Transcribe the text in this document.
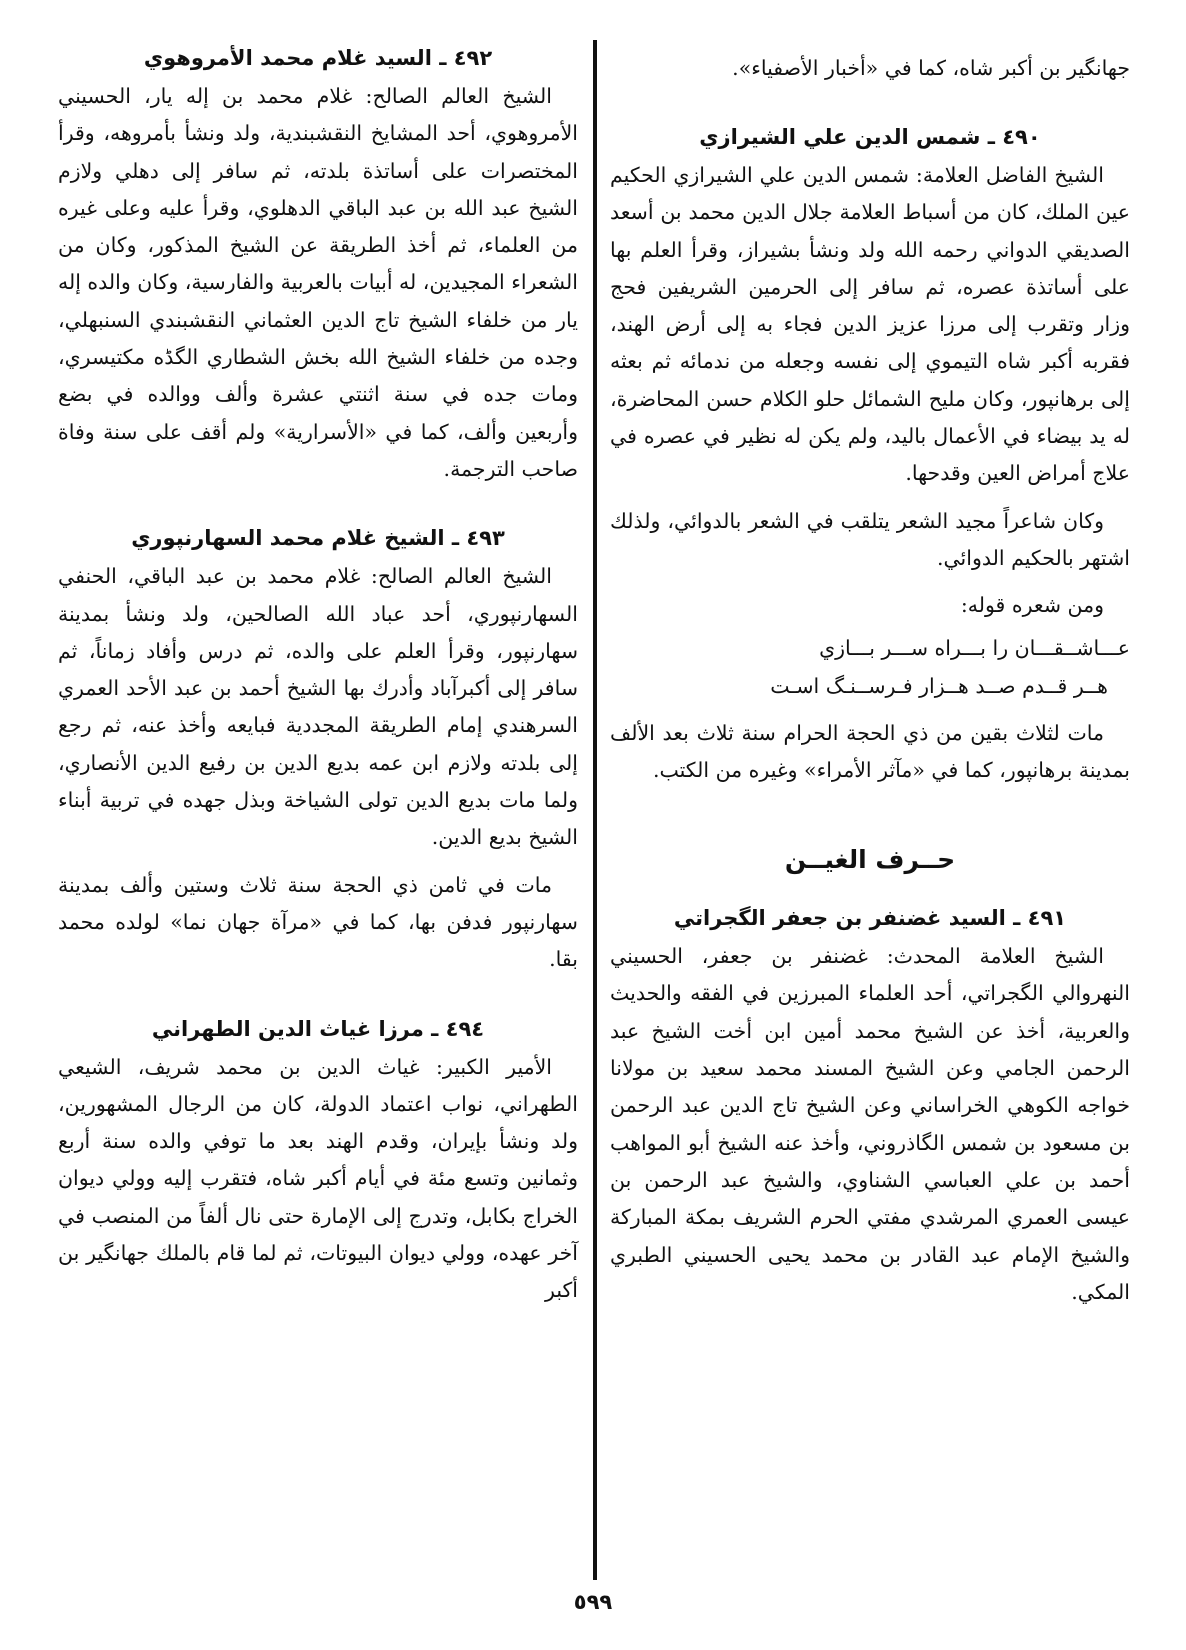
جهانگير بن أكبر شاه، كما في «أخبار الأصفياء».

٤٩٠ ـ شمس الدين علي الشيرازي

الشيخ الفاضل العلامة: شمس الدين علي الشيرازي الحكيم عين الملك، كان من أسباط العلامة جلال الدين محمد بن أسعد الصديقي الدواني رحمه الله ولد ونشأ بشيراز، وقرأ العلم بها على أساتذة عصره، ثم سافر إلى الحرمين الشريفين فحج وزار وتقرب إلى مرزا عزيز الدين فجاء به إلى أرض الهند، فقربه أكبر شاه التيموي إلى نفسه وجعله من ندمائه ثم بعثه إلى برهانپور، وكان مليح الشمائل حلو الكلام حسن المحاضرة، له يد بيضاء في الأعمال باليد، ولم يكن له نظير في عصره في علاج أمراض العين وقدحها.

وكان شاعراً مجيد الشعر يتلقب في الشعر بالدوائي، ولذلك اشتهر بالحكيم الدوائي.

ومن شعره قوله:

عـــاشــقـــان را بـــراه ســـر بـــازي
هــر قــدم صــد هــزار فـرســنـگ اسـت

مات لثلاث بقين من ذي الحجة الحرام سنة ثلاث بعد الألف بمدينة برهانپور، كما في «مآثر الأمراء» وغيره من الكتب.

حــرف الغيــن
٤٩١ ـ السيد غضنفر بن جعفر الگجراتي

الشيخ العلامة المحدث: غضنفر بن جعفر، الحسيني النهروالي الگجراتي، أحد العلماء المبرزين في الفقه والحديث والعربية، أخذ عن الشيخ محمد أمين ابن أخت الشيخ عبد الرحمن الجامي وعن الشيخ المسند محمد سعيد بن مولانا خواجه الكوهي الخراساني وعن الشيخ تاج الدين عبد الرحمن بن مسعود بن شمس الگاذروني، وأخذ عنه الشيخ أبو المواهب أحمد بن علي العباسي الشناوي، والشيخ عبد الرحمن بن عيسى العمري المرشدي مفتي الحرم الشريف بمكة المباركة والشيخ الإمام عبد القادر بن محمد يحيى الحسيني الطبري المكي.

٤٩٢ ـ السيد غلام محمد الأمروهوي

الشيخ العالم الصالح: غلام محمد بن إله يار، الحسيني الأمروهوي، أحد المشايخ النقشبندية، ولد ونشأ بأمروهه، وقرأ المختصرات على أساتذة بلدته، ثم سافر إلى دهلي ولازم الشيخ عبد الله بن عبد الباقي الدهلوي، وقرأ عليه وعلى غيره من العلماء، ثم أخذ الطريقة عن الشيخ المذكور، وكان من الشعراء المجيدين، له أبيات بالعربية والفارسية، وكان والده إله يار من خلفاء الشيخ تاج الدين العثماني النقشبندي السنبهلي، وجده من خلفاء الشيخ الله بخش الشطاري الگڈه مكتيسري، ومات جده في سنة اثنتي عشرة وألف ووالده في بضع وأربعين وألف، كما في «الأسرارية» ولم أقف على سنة وفاة صاحب الترجمة.

٤٩٣ ـ الشيخ غلام محمد السهارنپوري

الشيخ العالم الصالح: غلام محمد بن عبد الباقي، الحنفي السهارنپوري، أحد عباد الله الصالحين، ولد ونشأ بمدينة سهارنپور، وقرأ العلم على والده، ثم درس وأفاد زماناً، ثم سافر إلى أكبرآباد وأدرك بها الشيخ أحمد بن عبد الأحد العمري السرهندي إمام الطريقة المجددية فبايعه وأخذ عنه، ثم رجع إلى بلدته ولازم ابن عمه بديع الدين بن رفيع الدين الأنصاري، ولما مات بديع الدين تولى الشياخة وبذل جهده في تربية أبناء الشيخ بديع الدين.

مات في ثامن ذي الحجة سنة ثلاث وستين وألف بمدينة سهارنپور فدفن بها، كما في «مرآة جهان نما» لولده محمد بقا.

٤٩٤ ـ مرزا غياث الدين الطهراني

الأمير الكبير: غياث الدين بن محمد شريف، الشيعي الطهراني، نواب اعتماد الدولة، كان من الرجال المشهورين، ولد ونشأ بإيران، وقدم الهند بعد ما توفي والده سنة أربع وثمانين وتسع مئة في أيام أكبر شاه، فتقرب إليه وولي ديوان الخراج بكابل، وتدرج إلى الإمارة حتى نال ألفاً من المنصب في آخر عهده، وولي ديوان البيوتات، ثم لما قام بالملك جهانگير بن أكبر

٥٩٩
